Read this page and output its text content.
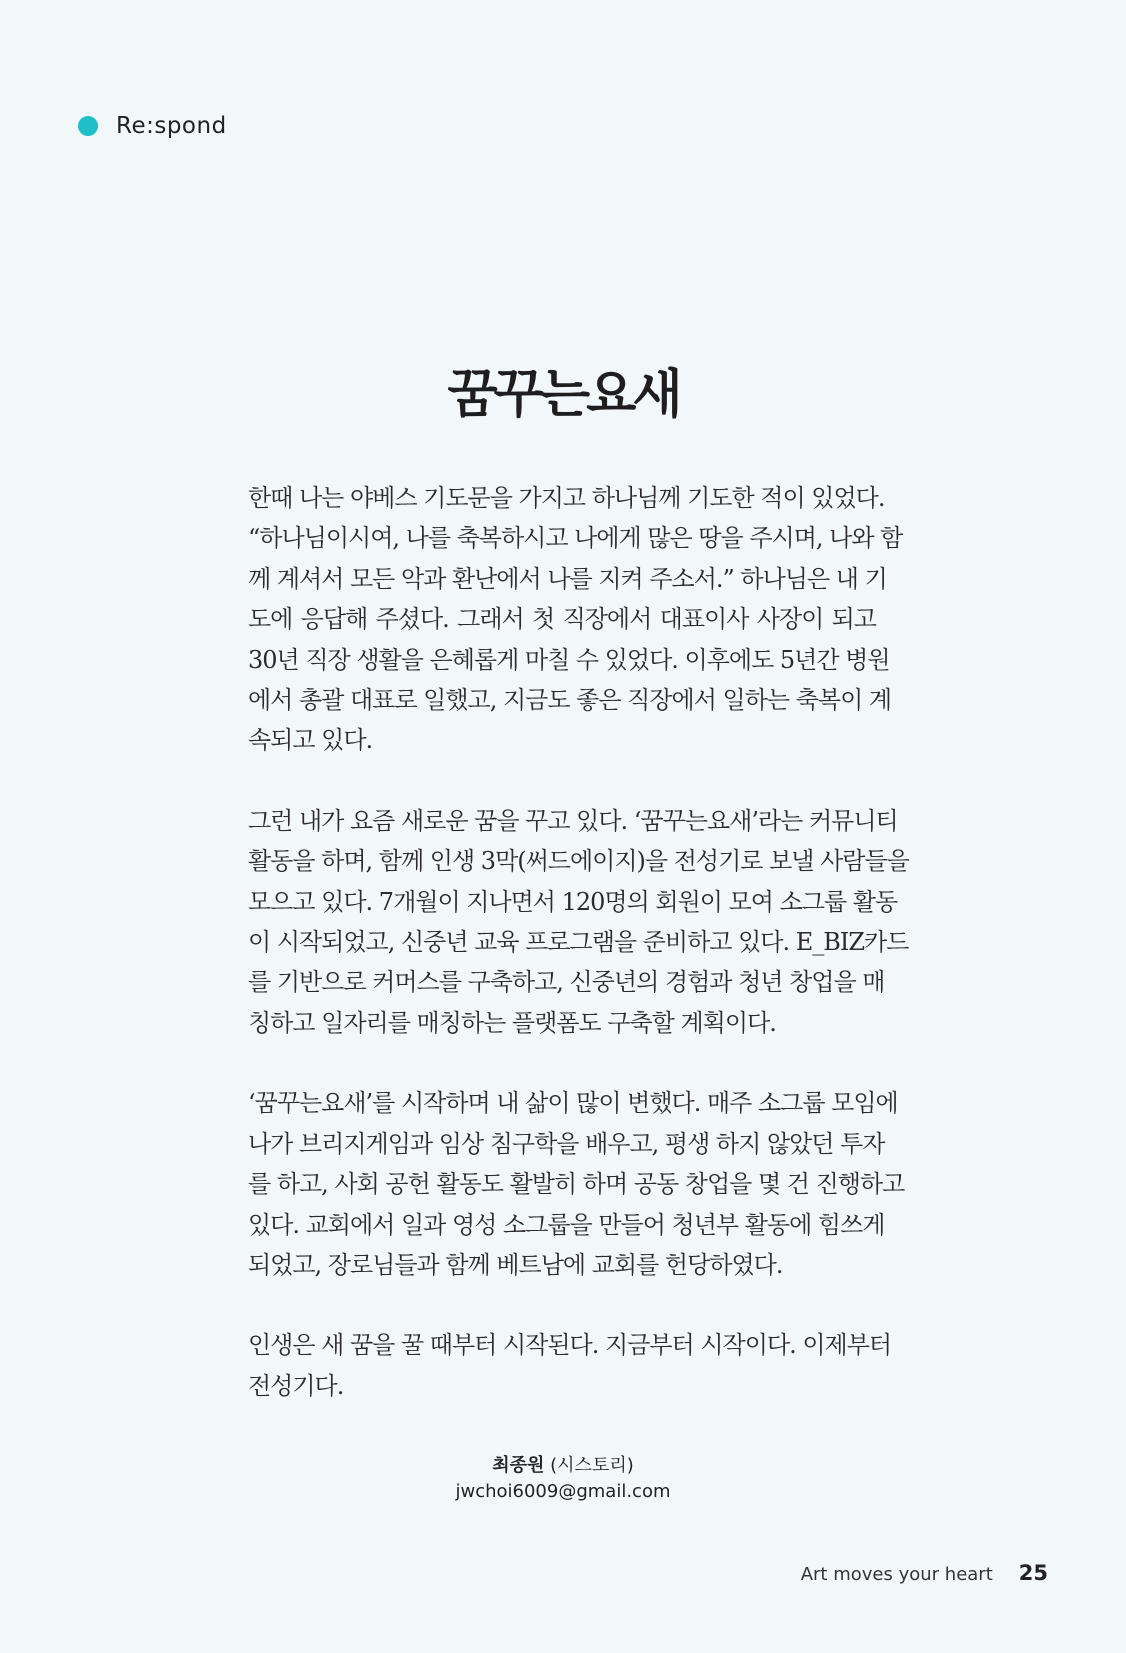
Re:spond
꿈꾸는요새

한때 나는 야베스 기도문을 가지고 하나님께 기도한 적이 있었다.
“하나님이시여, 나를 축복하시고 나에게 많은 땅을 주시며, 나와 함
께 계셔서 모든 악과 환난에서 나를 지켜 주소서.” 하나님은 내 기
도에 응답해 주셨다. 그래서 첫 직장에서 대표이사 사장이 되고
30년 직장 생활을 은혜롭게 마칠 수 있었다. 이후에도 5년간 병원
에서 총괄 대표로 일했고, 지금도 좋은 직장에서 일하는 축복이 계
속되고 있다.

그런 내가 요즘 새로운 꿈을 꾸고 있다. ‘꿈꾸는요새’라는 커뮤니티
활동을 하며, 함께 인생 3막(써드에이지)을 전성기로 보낼 사람들을
모으고 있다. 7개월이 지나면서 120명의 회원이 모여 소그룹 활동
이 시작되었고, 신중년 교육 프로그램을 준비하고 있다. E_BIZ카드
를 기반으로 커머스를 구축하고, 신중년의 경험과 청년 창업을 매
칭하고 일자리를 매칭하는 플랫폼도 구축할 계획이다.

‘꿈꾸는요새’를 시작하며 내 삶이 많이 변했다. 매주 소그룹 모임에
나가 브리지게임과 임상 침구학을 배우고, 평생 하지 않았던 투자
를 하고, 사회 공헌 활동도 활발히 하며 공동 창업을 몇 건 진행하고
있다. 교회에서 일과 영성 소그룹을 만들어 청년부 활동에 힘쓰게
되었고, 장로님들과 함께 베트남에 교회를 헌당하였다.

인생은 새 꿈을 꿀 때부터 시작된다. 지금부터 시작이다. 이제부터
전성기다.

최종원 (시스토리)
jwchoi6009@gmail.com
Art moves your heart 25
